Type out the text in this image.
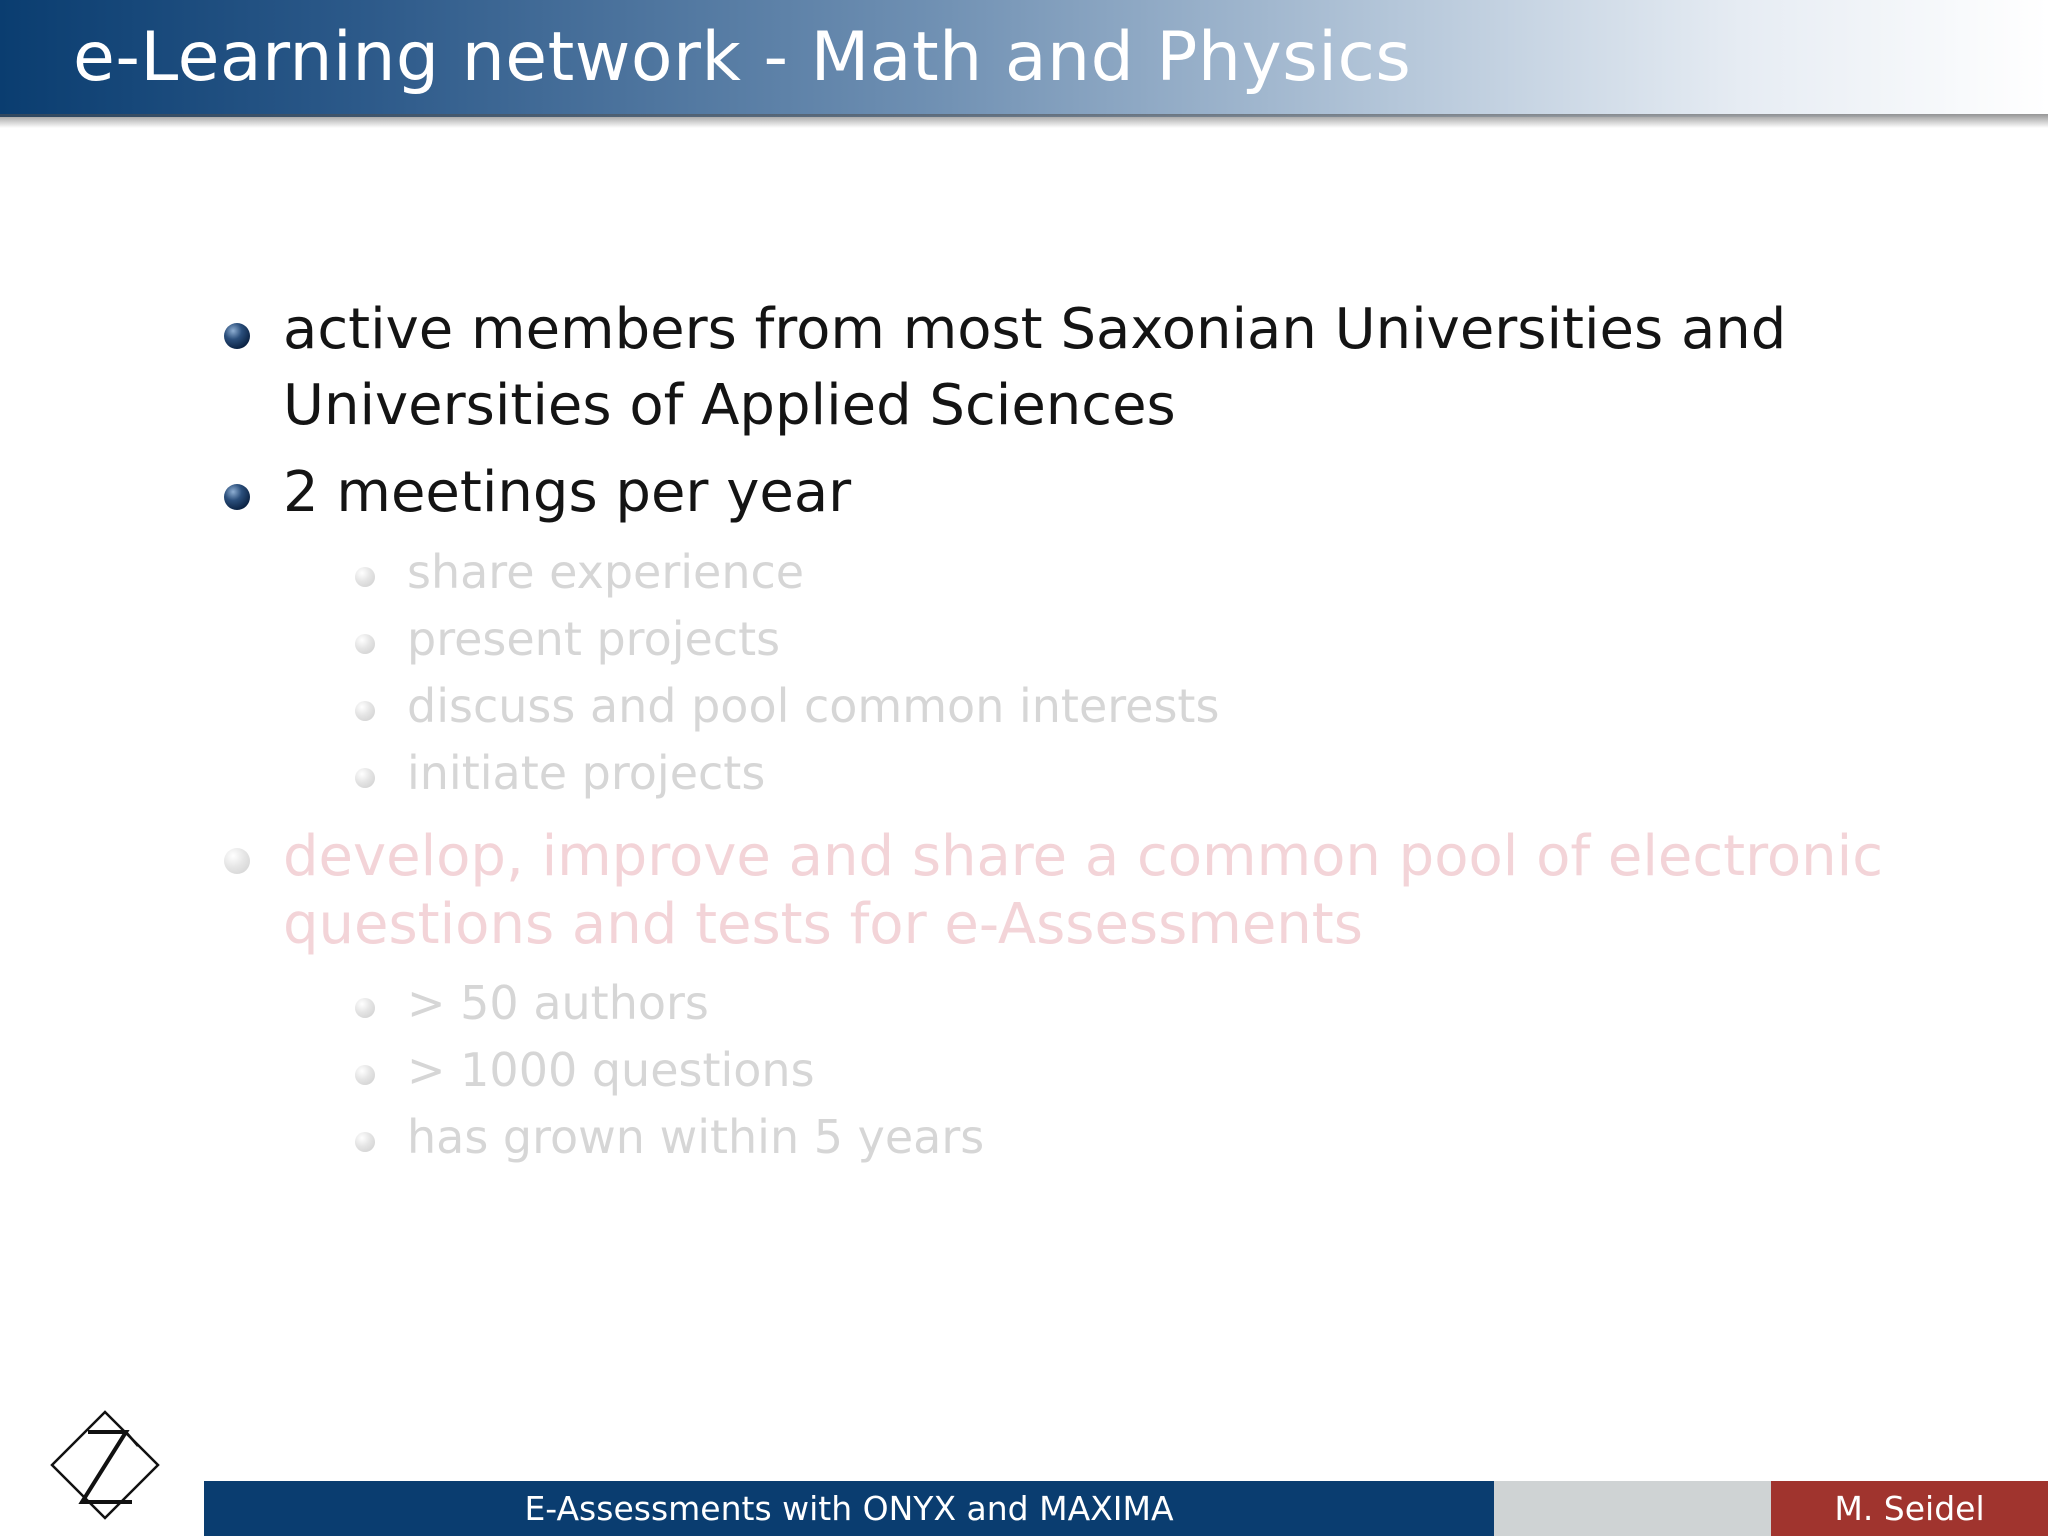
e-Learning network - Math and Physics
active members from most Saxonian Universities and
Universities of Applied Sciences
2 meetings per year
share experience
present projects
discuss and pool common interests
initiate projects
develop, improve and share a common pool of electronic
questions and tests for e-Assessments
> 50 authors
> 1000 questions
has grown within 5 years
E-Assessments with ONYX and MAXIMA	M. Seidel
